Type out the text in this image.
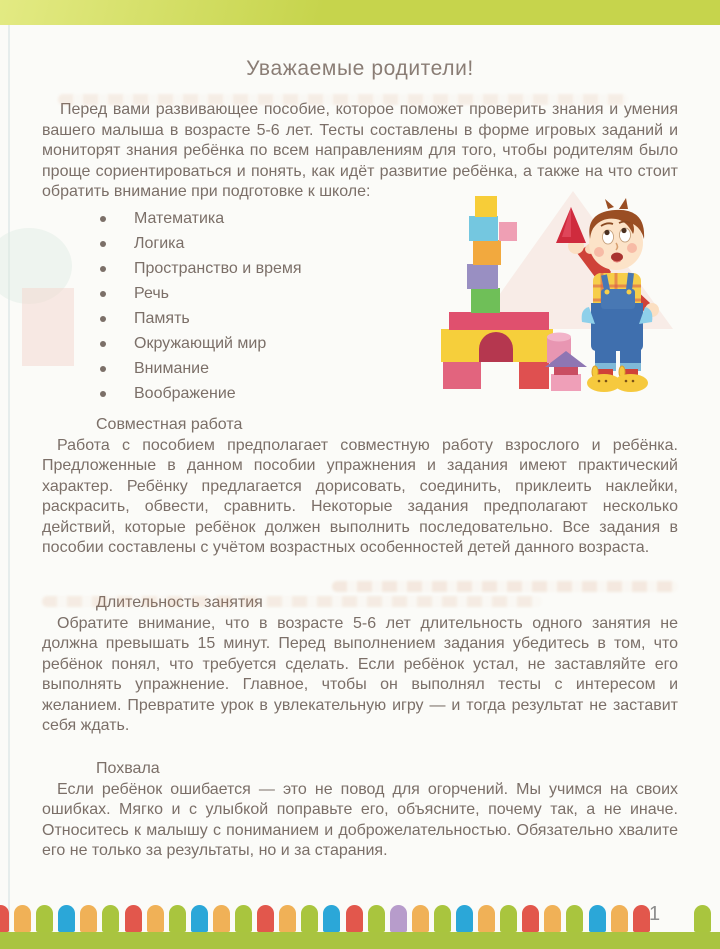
Уважаемые родители!

Перед вами развивающее пособие, которое поможет проверить знания и умения вашего малыша в возрасте 5-6 лет. Тесты составлены в форме игровых заданий и мониторят знания ребёнка по всем направлениям для того, чтобы родителям было проще сориентироваться и понять, как идёт развитие ребёнка, а также на что стоит обратить внимание при подготовке к школе:

Математика
Логика
Пространство и время
Речь
Память
Окружающий мир
Внимание
Воображение
Совместная работа

Работа с пособием предполагает совместную работу взрослого и ребёнка. Предложенные в данном пособии упражнения и задания имеют практический характер. Ребёнку предлагается дорисовать, соединить, приклеить наклейки, раскрасить, обвести, сравнить. Некоторые задания предполагают несколько действий, которые ребёнок должен выполнить последовательно. Все задания в пособии составлены с учётом возрастных особенностей детей данного возраста.

Длительность занятия

Обратите внимание, что в возрасте 5-6 лет длительность одного занятия не должна превышать 15 минут. Перед выполнением задания убедитесь в том, что ребёнок понял, что требуется сделать. Если ребёнок устал, не заставляйте его выполнять упражнение. Главное, чтобы он выполнял тесты с интересом и желанием. Превратите урок в увлекательную игру — и тогда результат не заставит себя ждать.

Похвала

Если ребёнок ошибается — это не повод для огорчений. Мы учимся на своих ошибках. Мягко и с улыбкой поправьте его, объясните, почему так, а не иначе. Относитесь к малышу с пониманием и доброжелательностью. Обязательно хвалите его не только за результаты, но и за старания.

1
